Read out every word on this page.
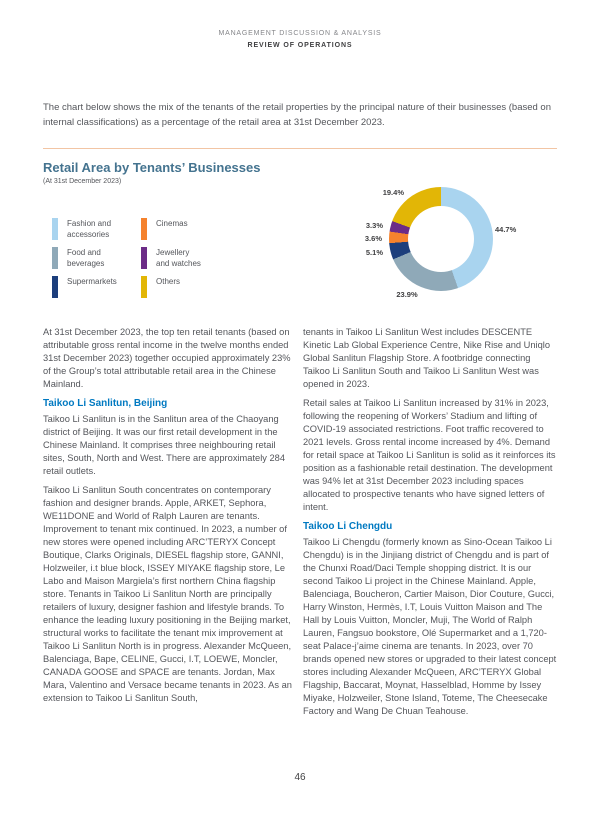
MANAGEMENT DISCUSSION & ANALYSIS
REVIEW OF OPERATIONS

The chart below shows the mix of the tenants of the retail properties by the principal nature of their businesses (based on internal classifications) as a percentage of the retail area at 31st December 2023.

Retail Area by Tenants’ Businesses
(At 31st December 2023)
Fashion and
accessories
Food and
beverages
Supermarkets
Cinemas
Jewellery
and watches
Others
44.7%
23.9%
5.1%
3.6%
3.3%
19.4%

At 31st December 2023, the top ten retail tenants (based on attributable gross rental income in the twelve months ended 31st December 2023) together occupied approximately 23% of the Group’s total attributable retail area in the Chinese Mainland.

Taikoo Li Sanlitun, Beijing

Taikoo Li Sanlitun is in the Sanlitun area of the Chaoyang district of Beijing. It was our first retail development in the Chinese Mainland. It comprises three neighbouring retail sites, South, North and West. There are approximately 284 retail outlets.

Taikoo Li Sanlitun South concentrates on contemporary fashion and designer brands. Apple, ARKET, Sephora, WE11DONE and World of Ralph Lauren are tenants. Improvement to tenant mix continued. In 2023, a number of new stores were opened including ARC’TERYX Concept Boutique, Clarks Originals, DIESEL flagship store, GANNI, Holzweiler, i.t blue block, ISSEY MIYAKE flagship store, Le Labo and Maison Margiela’s first northern China flagship store. Tenants in Taikoo Li Sanlitun North are principally retailers of luxury, designer fashion and lifestyle brands. To enhance the leading luxury positioning in the Beijing market, structural works to facilitate the tenant mix improvement at Taikoo Li Sanlitun North is in progress. Alexander McQueen, Balenciaga, Bape, CELINE, Gucci, I.T, LOEWE, Moncler, CANADA GOOSE and SPACE are tenants. Jordan, Max Mara, Valentino and Versace became tenants in 2023. As an extension to Taikoo Li Sanlitun South,

tenants in Taikoo Li Sanlitun West includes DESCENTE Kinetic Lab Global Experience Centre, Nike Rise and Uniqlo Global Sanlitun Flagship Store. A footbridge connecting Taikoo Li Sanlitun South and Taikoo Li Sanlitun West was opened in 2023.

Retail sales at Taikoo Li Sanlitun increased by 31% in 2023, following the reopening of Workers’ Stadium and lifting of COVID-19 associated restrictions. Foot traffic recovered to 2021 levels. Gross rental income increased by 4%. Demand for retail space at Taikoo Li Sanlitun is solid as it reinforces its position as a fashionable retail destination. The development was 94% let at 31st December 2023 including spaces allocated to prospective tenants who have signed letters of intent.

Taikoo Li Chengdu

Taikoo Li Chengdu (formerly known as Sino-Ocean Taikoo Li Chengdu) is in the Jinjiang district of Chengdu and is part of the Chunxi Road/Daci Temple shopping district. It is our second Taikoo Li project in the Chinese Mainland. Apple, Balenciaga, Boucheron, Cartier Maison, Dior Couture, Gucci, Harry Winston, Hermès, I.T, Louis Vuitton Maison and The Hall by Louis Vuitton, Moncler, Muji, The World of Ralph Lauren, Fangsuo bookstore, Olé Supermarket and a 1,720-seat Palace-j’aime cinema are tenants. In 2023, over 70 brands opened new stores or upgraded to their latest concept stores including Alexander McQueen, ARC’TERYX Global Flagship, Baccarat, Moynat, Hasselblad, Homme by Issey Miyake, Holzweiler, Stone Island, Toteme, The Cheesecake Factory and Wang De Chuan Teahouse.

46
